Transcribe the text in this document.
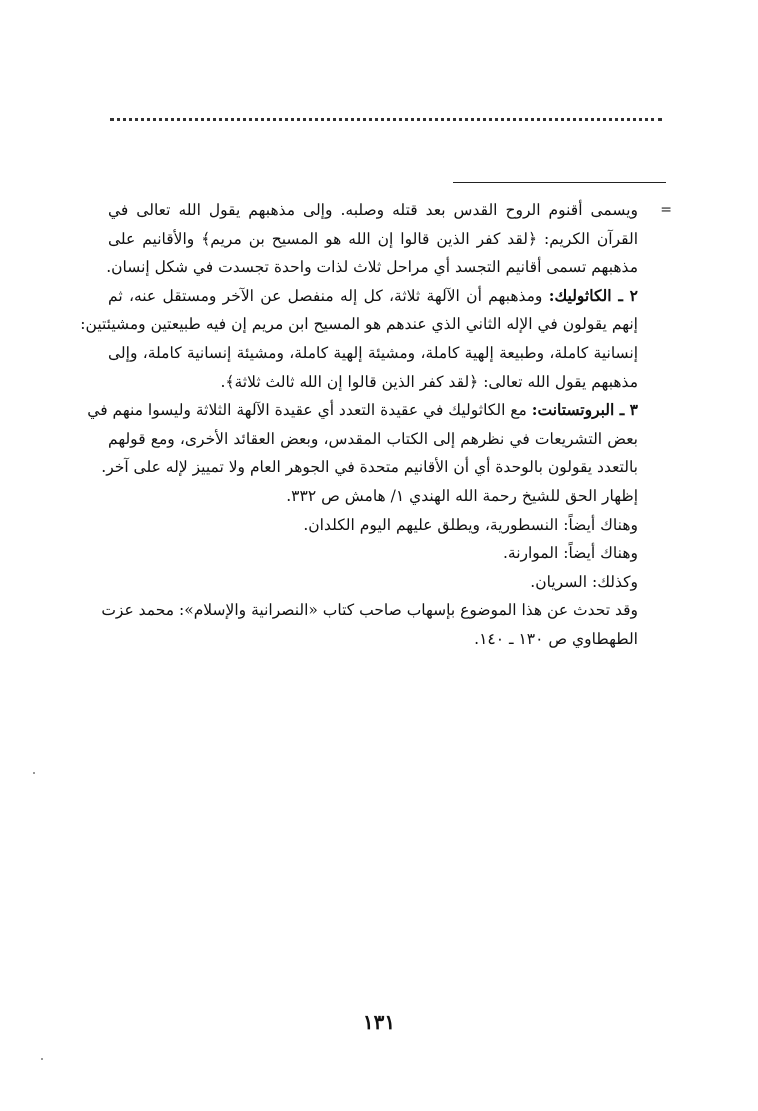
=
ويسمى أقنوم الروح القدس بعد قتله وصلبه. وإلى مذهبهم يقول الله تعالى في
القرآن الكريم: ﴿لقد كفر الذين قالوا إن الله هو المسيح بن مريم﴾ والأقانيم على
مذهبهم تسمى أقانيم التجسد أي مراحل ثلاث لذات واحدة تجسدت في شكل إنسان.
٢ ـ الكاثوليك: ومذهبهم أن الآلهة ثلاثة، كل إله منفصل عن الآخر ومستقل عنه، ثم
إنهم يقولون في الإله الثاني الذي عندهم هو المسيح ابن مريم إن فيه طبيعتين ومشيئتين:
إنسانية كاملة، وطبيعة إلهية كاملة، ومشيئة إلهية كاملة، ومشيئة إنسانية كاملة، وإلى
مذهبهم يقول الله تعالى: ﴿لقد كفر الذين قالوا إن الله ثالث ثلاثة﴾.
٣ ـ البروتستانت: مع الكاثوليك في عقيدة التعدد أي عقيدة الآلهة الثلاثة وليسوا منهم في
بعض التشريعات في نظرهم إلى الكتاب المقدس، وبعض العقائد الأخرى، ومع قولهم
بالتعدد يقولون بالوحدة أي أن الأقانيم متحدة في الجوهر العام ولا تمييز لإله على آخر.
إظهار الحق للشيخ رحمة الله الهندي ١/ هامش ص ٣٣٢.
وهناك أيضاً: النسطورية، ويطلق عليهم اليوم الكلدان.
وهناك أيضاً: الموارنة.
وكذلك: السريان.
وقد تحدث عن هذا الموضوع بإسهاب صاحب كتاب «النصرانية والإسلام»: محمد عزت
الطهطاوي ص ١٣٠ ـ ١٤٠.
١٣١
